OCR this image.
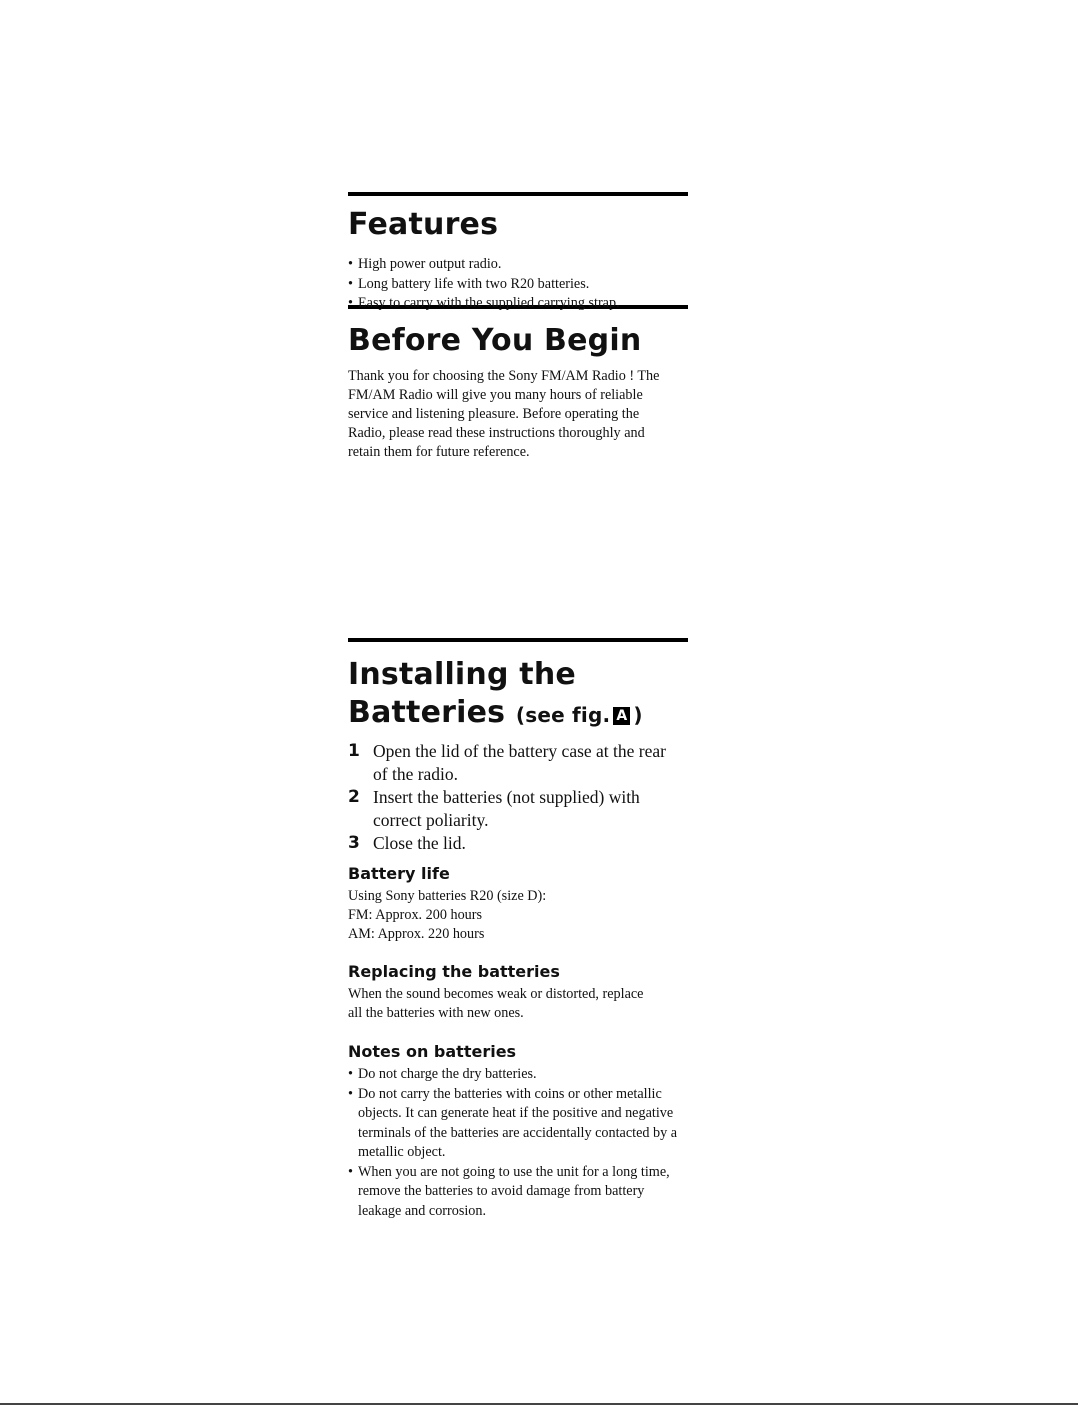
Before You Begin

Thank you for choosing the Sony FM/AM Radio ! The FM/AM Radio will give you many hours of reliable service and listening pleasure. Before operating the Radio, please read these instructions thoroughly and retain them for future reference.

Features
• High power output radio.
• Long battery life with two R20 batteries.
• Easy to carry with the supplied carrying strap.
Installing the
Batteries (see fig. A )
1 Open the lid of the battery case at the rear of the radio.
2 Insert the batteries (not supplied) with correct poliarity.
3 Close the lid.
Battery life

Using Sony batteries R20 (size D):

FM: Approx. 200 hours

AM: Approx. 220 hours

Replacing the batteries

When the sound becomes weak or distorted, replace all the batteries with new ones.

Notes on batteries
• Do not charge the dry batteries.
• Do not carry the batteries with coins or other metallic objects. It can generate heat if the positive and negative terminals of the batteries are accidentally contacted by a metallic object.
• When you are not going to use the unit for a long time, remove the batteries to avoid damage from battery leakage and corrosion.
